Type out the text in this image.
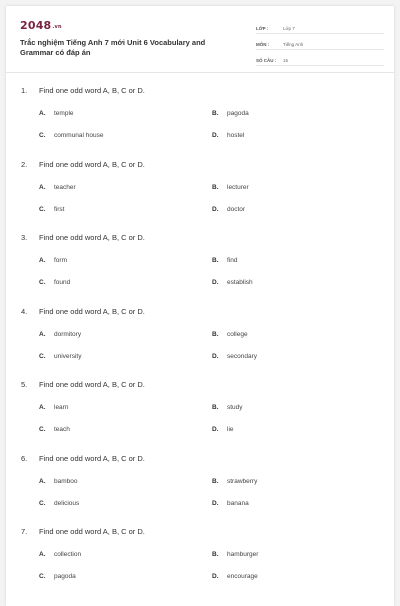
2048.vn
Trắc nghiệm Tiếng Anh 7 mới Unit 6 Vocabulary and Grammar có đáp án
LỚP :	Lớp 7
MÔN :	Tiếng Anh
SỐ CÂU :	15
1. Find one odd word A, B, C or D.
A. temple	B. pagoda
C. communal house	D. hostel
2. Find one odd word A, B, C or D.
A. teacher	B. lecturer
C. first	D. doctor
3. Find one odd word A, B, C or D.
A. form	B. find
C. found	D. establish
4. Find one odd word A, B, C or D.
A. dormitory	B. college
C. university	D. secondary
5. Find one odd word A, B, C or D.
A. learn	B. study
C. teach	D. lie
6. Find one odd word A, B, C or D.
A. bamboo	B. strawberry
C. delicious	D. banana
7. Find one odd word A, B, C or D.
A. collection	B. hamburger
C. pagoda	D. encourage
